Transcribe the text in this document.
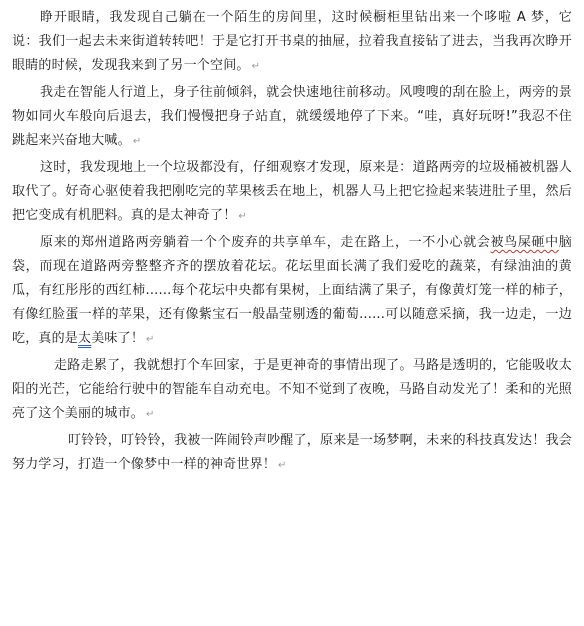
睁开眼睛，我发现自己躺在一个陌生的房间里，这时候橱柜里钻出来一个哆啦 A 梦，它说：我们一起去未来街道转转吧！于是它打开书桌的抽屉，拉着我直接钻了进去，当我再次睁开眼睛的时候，发现我来到了另一个空间。 ↵

我走在智能人行道上，身子往前倾斜，就会快速地往前移动。风嗖嗖的刮在脸上，两旁的景物如同火车般向后退去，我们慢慢把身子站直，就缓缓地停了下来。“哇，真好玩呀!”我忍不住跳起来兴奋地大喊。 ↵

这时，我发现地上一个垃圾都没有，仔细观察才发现，原来是：道路两旁的垃圾桶被机器人取代了。好奇心驱使着我把刚吃完的苹果核丢在地上，机器人马上把它捡起来装进肚子里，然后把它变成有机肥料。真的是太神奇了！ ↵

原来的郑州道路两旁躺着一个个废弃的共享单车，走在路上，一不小心就会被鸟屎砸中脑袋，而现在道路两旁整整齐齐的摆放着花坛。花坛里面长满了我们爱吃的蔬菜，有绿油油的黄瓜，有红彤彤的西红柿......每个花坛中央都有果树，上面结满了果子，有像黄灯笼一样的柿子，有像红脸蛋一样的苹果，还有像紫宝石一般晶莹剔透的葡萄......可以随意采摘，我一边走，一边吃，真的是太美味了！ ↵

走路走累了，我就想打个车回家，于是更神奇的事情出现了。马路是透明的，它能吸收太阳的光芒，它能给行驶中的智能车自动充电。不知不觉到了夜晚，马路自动发光了！柔和的光照亮了这个美丽的城市。 ↵

叮铃铃，叮铃铃，我被一阵闹铃声吵醒了，原来是一场梦啊，未来的科技真发达！我会努力学习，打造一个像梦中一样的神奇世界！ ↵
